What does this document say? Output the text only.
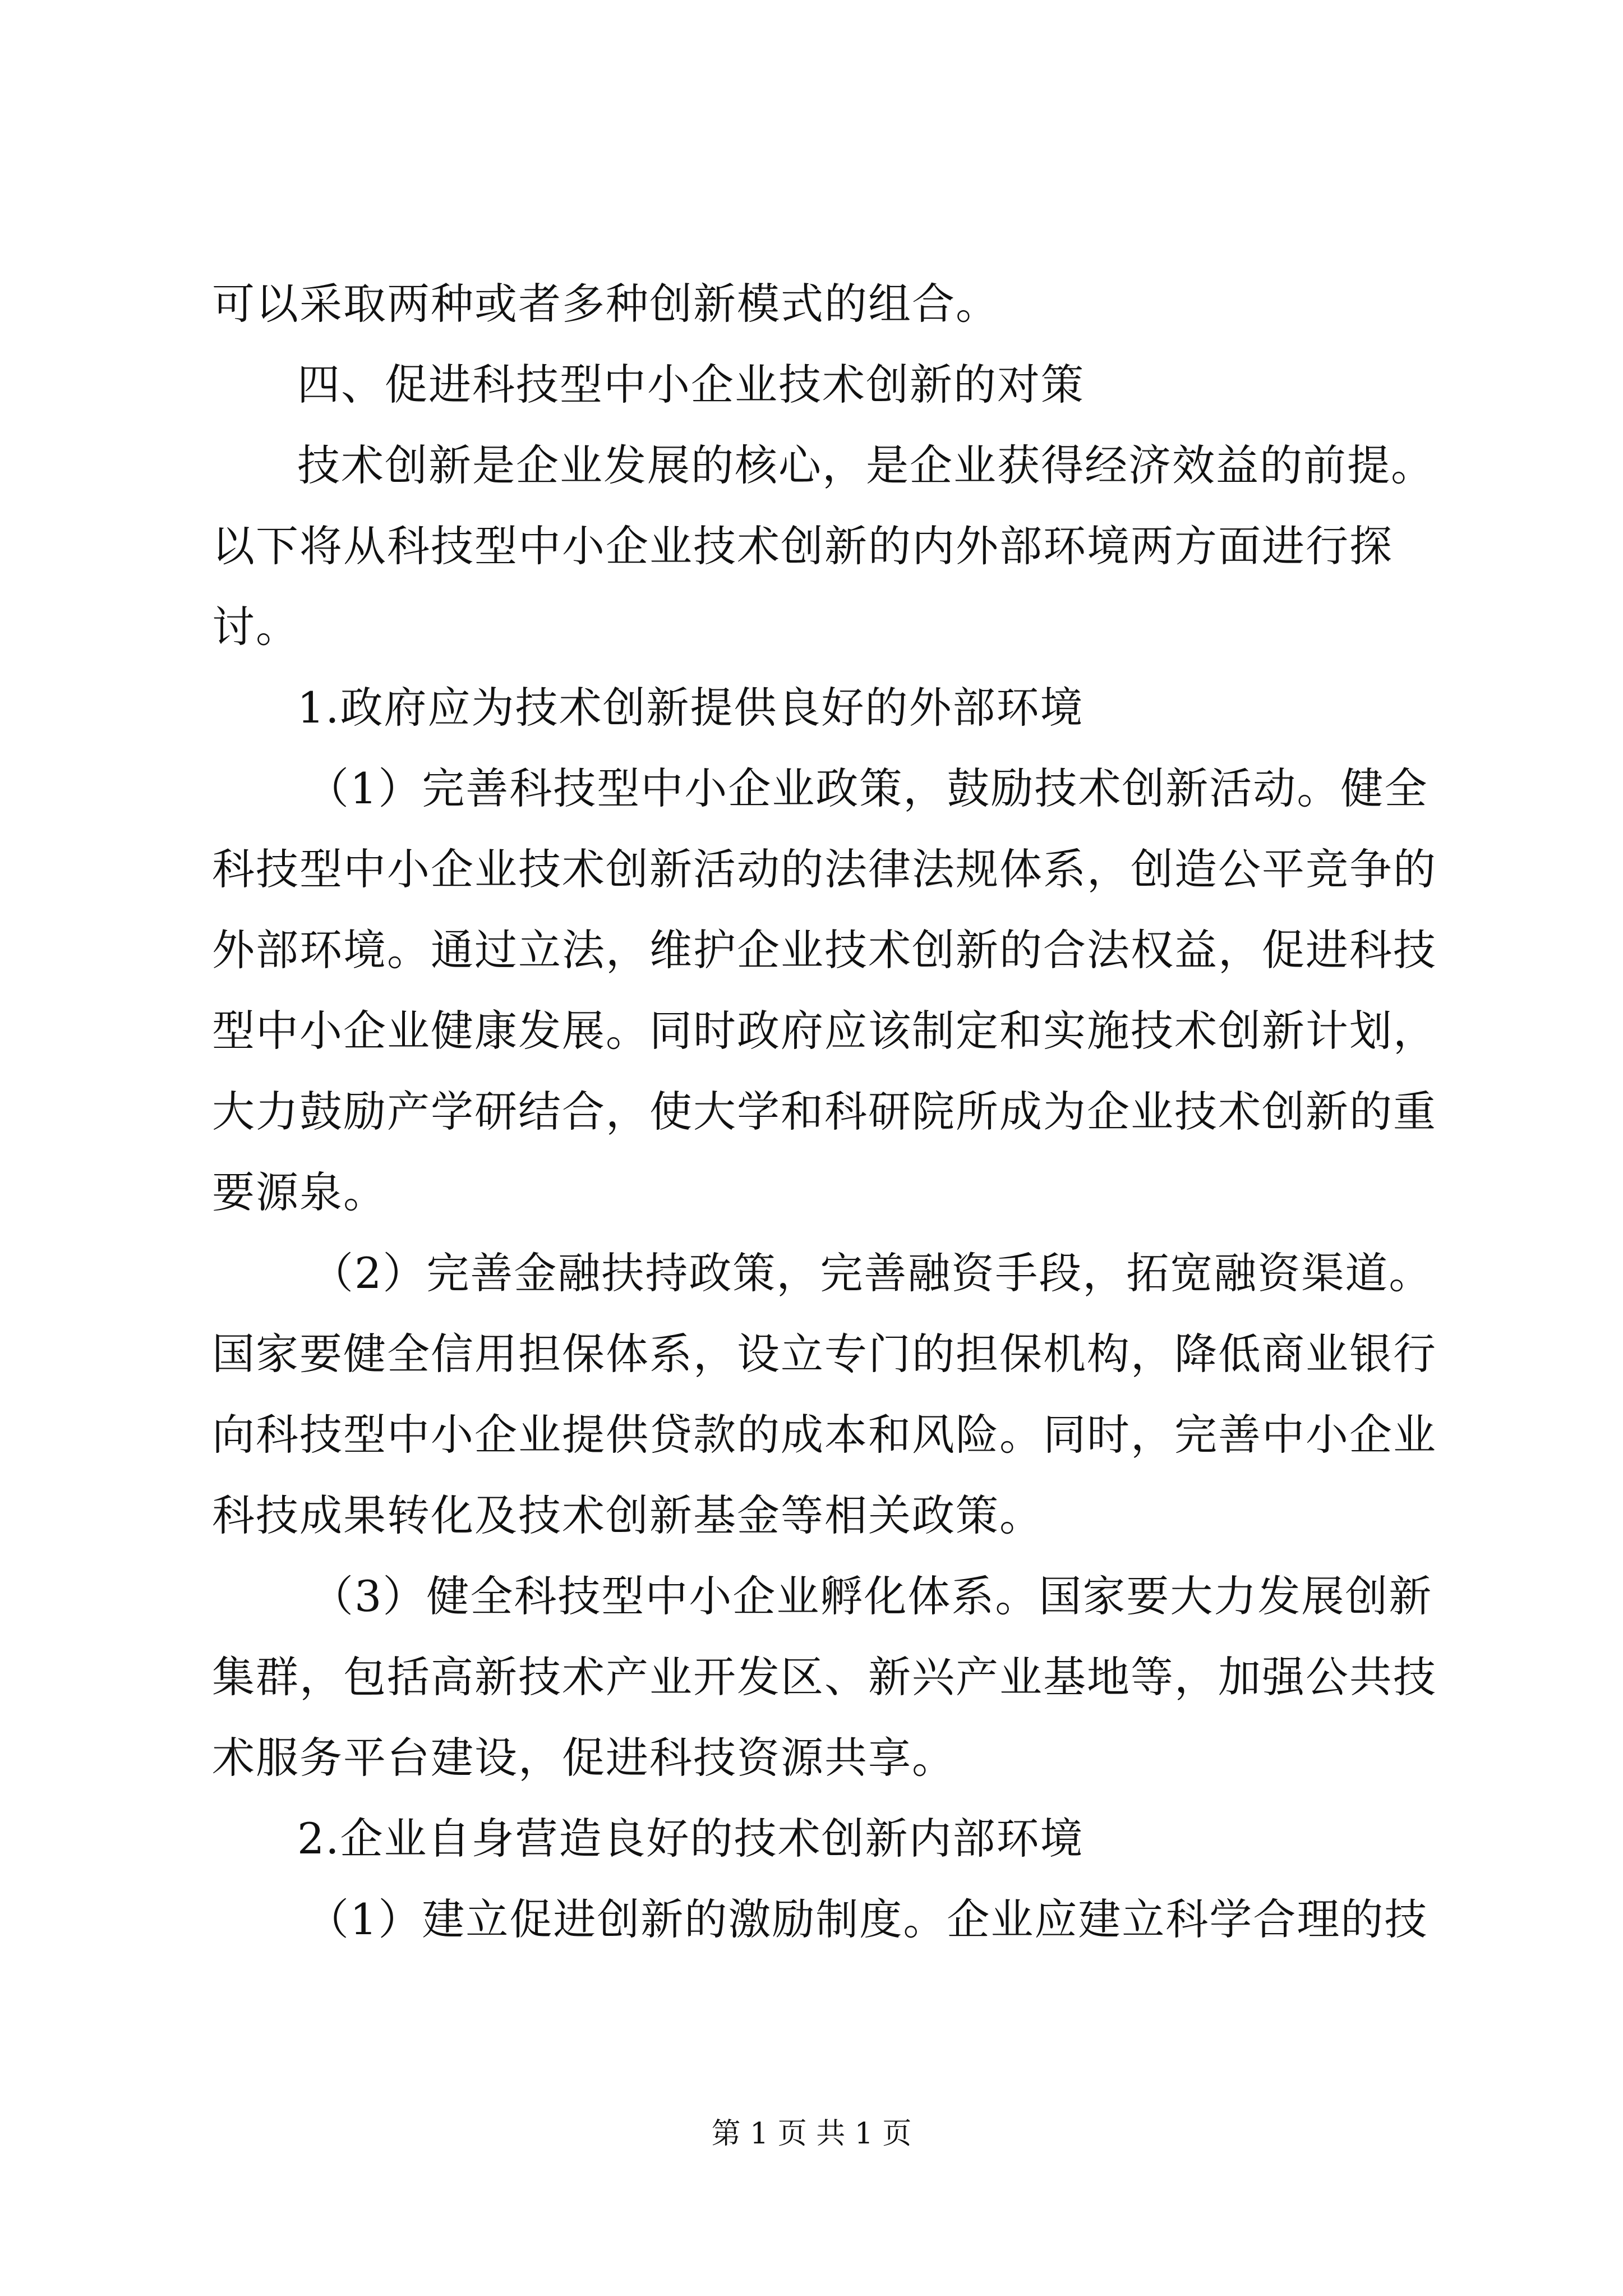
可以采取两种或者多种创新模式的组合。
四、促进科技型中小企业技术创新的对策
技术创新是企业发展的核心，是企业获得经济效益的前提。
以下将从科技型中小企业技术创新的内外部环境两方面进行探
讨。
1.政府应为技术创新提供良好的外部环境
（1）完善科技型中小企业政策，鼓励技术创新活动。健全
科技型中小企业技术创新活动的法律法规体系，创造公平竞争的
外部环境。通过立法，维护企业技术创新的合法权益，促进科技
型中小企业健康发展。同时政府应该制定和实施技术创新计划，
大力鼓励产学研结合，使大学和科研院所成为企业技术创新的重
要源泉。
（2）完善金融扶持政策，完善融资手段，拓宽融资渠道。
国家要健全信用担保体系，设立专门的担保机构，降低商业银行
向科技型中小企业提供贷款的成本和风险。同时，完善中小企业
科技成果转化及技术创新基金等相关政策。
（3）健全科技型中小企业孵化体系。国家要大力发展创新
集群，包括高新技术产业开发区、新兴产业基地等，加强公共技
术服务平台建设，促进科技资源共享。
2.企业自身营造良好的技术创新内部环境
（1）建立促进创新的激励制度。企业应建立科学合理的技
第 1 页 共 1 页
